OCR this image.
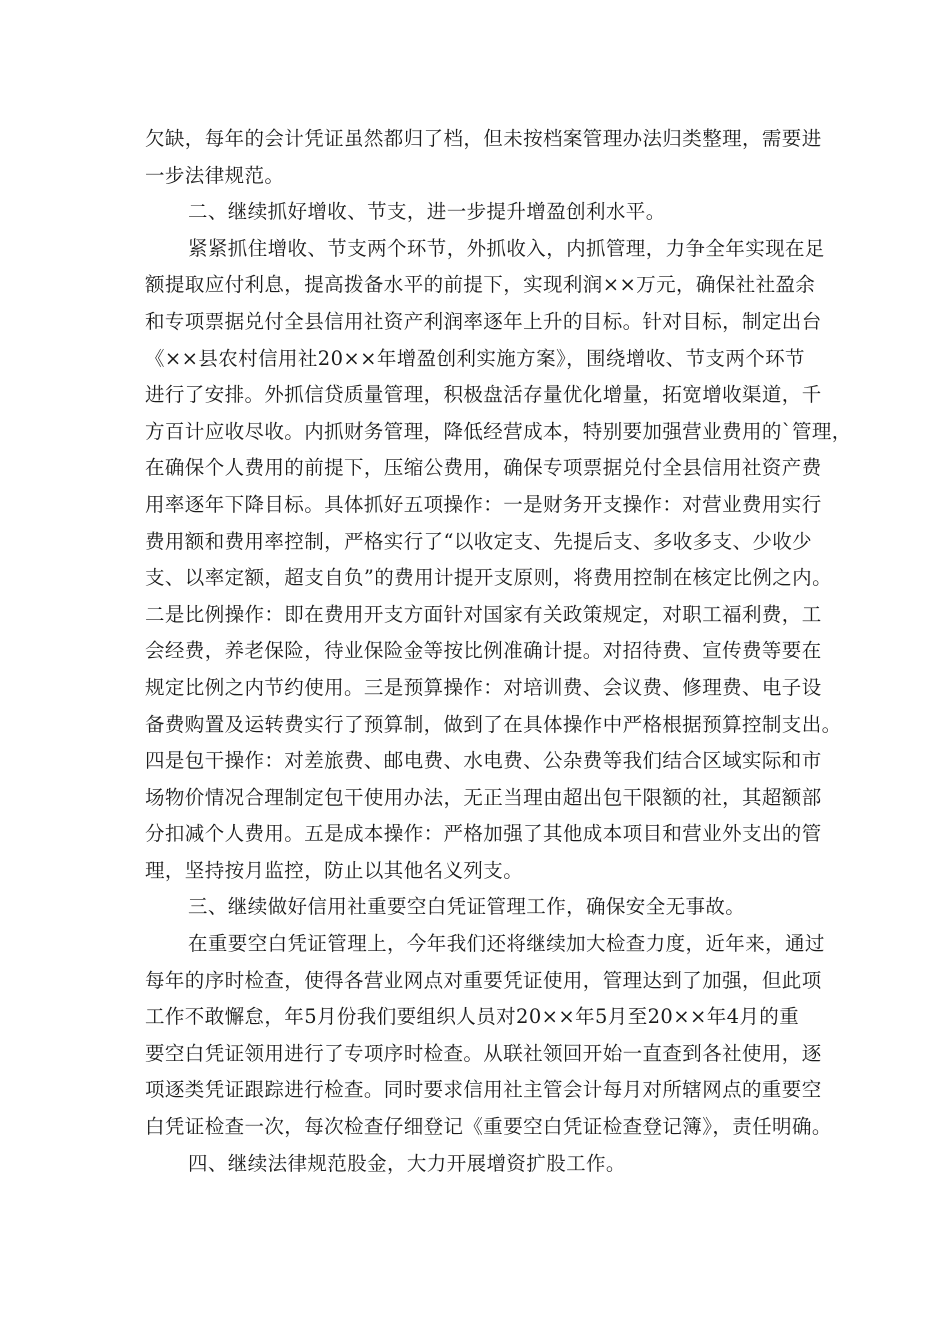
欠缺，每年的会计凭证虽然都归了档，但未按档案管理办法归类整理，需要进
一步法律规范。
二、继续抓好增收、节支，进一步提升增盈创利水平。
紧紧抓住增收、节支两个环节，外抓收入，内抓管理，力争全年实现在足
额提取应付利息，提高拨备水平的前提下，实现利润××万元，确保社社盈余
和专项票据兑付全县信用社资产利润率逐年上升的目标。针对目标，制定出台
《××县农村信用社20××年增盈创利实施方案》，围绕增收、节支两个环节
进行了安排。外抓信贷质量管理，积极盘活存量优化增量，拓宽增收渠道，千
方百计应收尽收。内抓财务管理，降低经营成本，特别要加强营业费用的`管理，
在确保个人费用的前提下，压缩公费用，确保专项票据兑付全县信用社资产费
用率逐年下降目标。具体抓好五项操作：一是财务开支操作：对营业费用实行
费用额和费用率控制，严格实行了“以收定支、先提后支、多收多支、少收少
支、以率定额，超支自负”的费用计提开支原则，将费用控制在核定比例之内。
二是比例操作：即在费用开支方面针对国家有关政策规定，对职工福利费，工
会经费，养老保险，待业保险金等按比例准确计提。对招待费、宣传费等要在
规定比例之内节约使用。三是预算操作：对培训费、会议费、修理费、电子设
备费购置及运转费实行了预算制，做到了在具体操作中严格根据预算控制支出。
四是包干操作：对差旅费、邮电费、水电费、公杂费等我们结合区域实际和市
场物价情况合理制定包干使用办法，无正当理由超出包干限额的社，其超额部
分扣减个人费用。五是成本操作：严格加强了其他成本项目和营业外支出的管
理，坚持按月监控，防止以其他名义列支。
三、继续做好信用社重要空白凭证管理工作，确保安全无事故。
在重要空白凭证管理上，今年我们还将继续加大检查力度，近年来，通过
每年的序时检查，使得各营业网点对重要凭证使用，管理达到了加强，但此项
工作不敢懈怠，年5月份我们要组织人员对20××年5月至20××年4月的重
要空白凭证领用进行了专项序时检查。从联社领回开始一直查到各社使用，逐
项逐类凭证跟踪进行检查。同时要求信用社主管会计每月对所辖网点的重要空
白凭证检查一次，每次检查仔细登记《重要空白凭证检查登记簿》，责任明确。
四、继续法律规范股金，大力开展增资扩股工作。
